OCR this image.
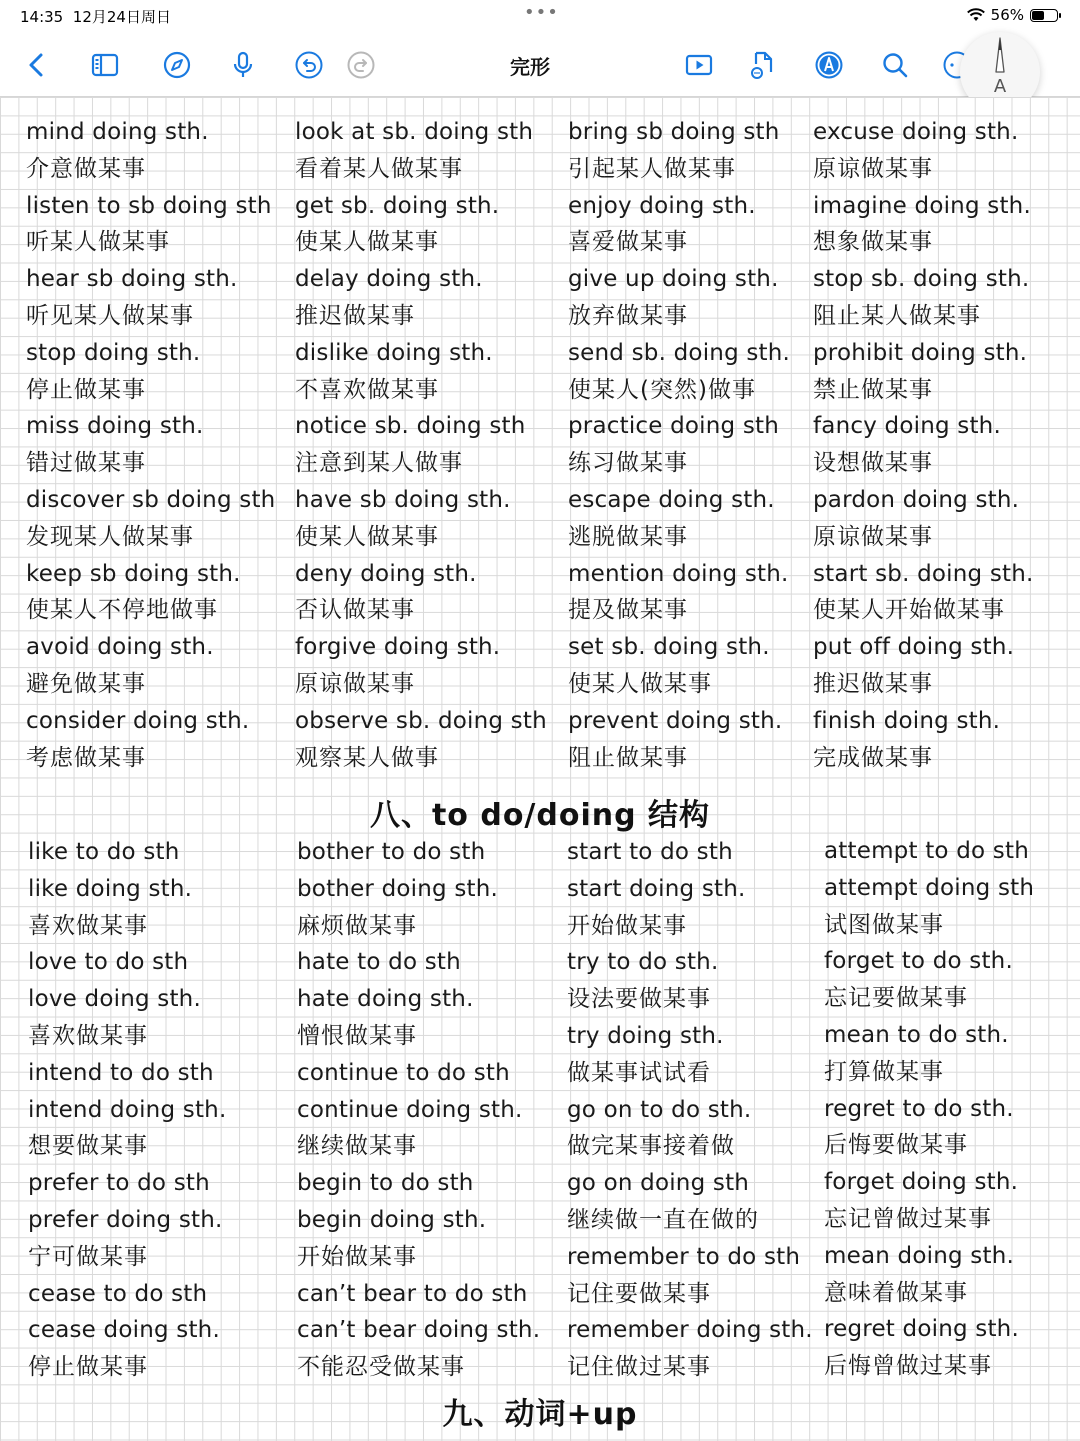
14:35 12月24日周日	•••	56%
完形
A
mind doing sth.
介意做某事
listen to sb doing sth
听某人做某事
hear sb doing sth.
听见某人做某事
stop doing sth.
停止做某事
miss doing sth.
错过做某事
discover sb doing sth
发现某人做某事
keep sb doing sth.
使某人不停地做事
avoid doing sth.
避免做某事
consider doing sth.
考虑做某事
look at sb. doing sth
看着某人做某事
get sb. doing sth.
使某人做某事
delay doing sth.
推迟做某事
dislike doing sth.
不喜欢做某事
notice sb. doing sth
注意到某人做事
have sb doing sth.
使某人做某事
deny doing sth.
否认做某事
forgive doing sth.
原谅做某事
observe sb. doing sth
观察某人做事
bring sb doing sth
引起某人做某事
enjoy doing sth.
喜爱做某事
give up doing sth.
放弃做某事
send sb. doing sth.
使某人(突然)做事
practice doing sth
练习做某事
escape doing sth.
逃脱做某事
mention doing sth.
提及做某事
set sb. doing sth.
使某人做某事
prevent doing sth.
阻止做某事
excuse doing sth.
原谅做某事
imagine doing sth.
想象做某事
stop sb. doing sth.
阻止某人做某事
prohibit doing sth.
禁止做某事
fancy doing sth.
设想做某事
pardon doing sth.
原谅做某事
start sb. doing sth.
使某人开始做某事
put off doing sth.
推迟做某事
finish doing sth.
完成做某事
八、to do/doing 结构
like to do sth
like doing sth.
喜欢做某事
love to do sth
love doing sth.
喜欢做某事
intend to do sth
intend doing sth.
想要做某事
prefer to do sth
prefer doing sth.
宁可做某事
cease to do sth
cease doing sth.
停止做某事
bother to do sth
bother doing sth.
麻烦做某事
hate to do sth
hate doing sth.
憎恨做某事
continue to do sth
continue doing sth.
继续做某事
begin to do sth
begin doing sth.
开始做某事
can’t bear to do sth
can’t bear doing sth.
不能忍受做某事
start to do sth
start doing sth.
开始做某事
try to do sth.
设法要做某事
try doing sth.
做某事试试看
go on to do sth.
做完某事接着做
go on doing sth
继续做一直在做的
remember to do sth
记住要做某事
remember doing sth.
记住做过某事
attempt to do sth
attempt doing sth
试图做某事
forget to do sth.
忘记要做某事
mean to do sth.
打算做某事
regret to do sth.
后悔要做某事
forget doing sth.
忘记曾做过某事
mean doing sth.
意味着做某事
regret doing sth.
后悔曾做过某事
九、动词+up
